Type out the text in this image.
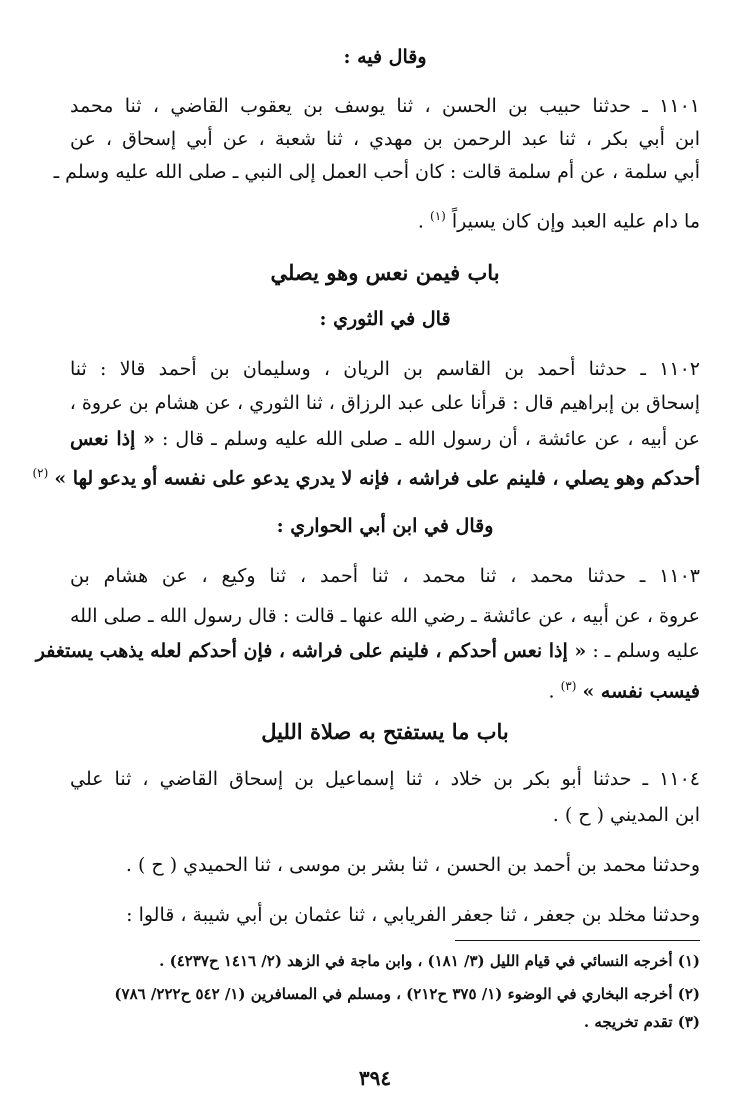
وقال فيه :
١١٠١ ـ حدثنا حبيب بن الحسن ، ثنا يوسف بن يعقوب القاضي ، ثنا محمد
ابن أبي بكر ، ثنا عبد الرحمن بن مهدي ، ثنا شعبة ، عن أبي إسحاق ، عن
أبي سلمة ، عن أم سلمة قالت : كان أحب العمل إلى النبي ـ صلى الله عليه وسلم ـ
ما دام عليه العبد وإن كان يسيراً $^{(١)}$ .
باب فيمن نعس وهو يصلي
قال في الثوري :
١١٠٢ ـ حدثنا أحمد بن القاسم بن الريان ، وسليمان بن أحمد قالا : ثنا
إسحاق بن إبراهيم قال : قرأنا على عبد الرزاق ، ثنا الثوري ، عن هشام بن عروة ،
عن أبيه ، عن عائشة ، أن رسول الله ـ صلى الله عليه وسلم ـ قال : « إذا نعس
أحدكم وهو يصلي ، فلينم على فراشه ، فإنه لا يدري يدعو على نفسه أو يدعو لها » $^{(٢)}$
وقال في ابن أبي الحواري :
١١٠٣ ـ حدثنا محمد ، ثنا محمد ، ثنا أحمد ، ثنا وكيع ، عن هشام بن
عروة ، عن أبيه ، عن عائشة ـ رضي الله عنها ـ قالت : قال رسول الله ـ صلى الله
عليه وسلم ـ : « إذا نعس أحدكم ، فلينم على فراشه ، فإن أحدكم لعله يذهب يستغفر
فيسب نفسه » $^{(٣)}$ .
باب ما يستفتح به صلاة الليل
١١٠٤ ـ حدثنا أبو بكر بن خلاد ، ثنا إسماعيل بن إسحاق القاضي ، ثنا علي
ابن المديني ( ح ) .
وحدثنا محمد بن أحمد بن الحسن ، ثنا بشر بن موسى ، ثنا الحميدي ( ح ) .
وحدثنا مخلد بن جعفر ، ثنا جعفر الفريابي ، ثنا عثمان بن أبي شيبة ، قالوا :
(١) أخرجه النسائي في قيام الليل (٣/ ١٨١) ، وابن ماجة في الزهد (٢/ ١٤١٦ ح٤٢٣٧) .
(٢) أخرجه البخاري في الوضوء (١/ ٣٧٥ ح٢١٢) ، ومسلم في المسافرين (١/ ٥٤٢ ح٢٢٢/ ٧٨٦)
(٣) تقدم تخريجه .
٣٩٤
